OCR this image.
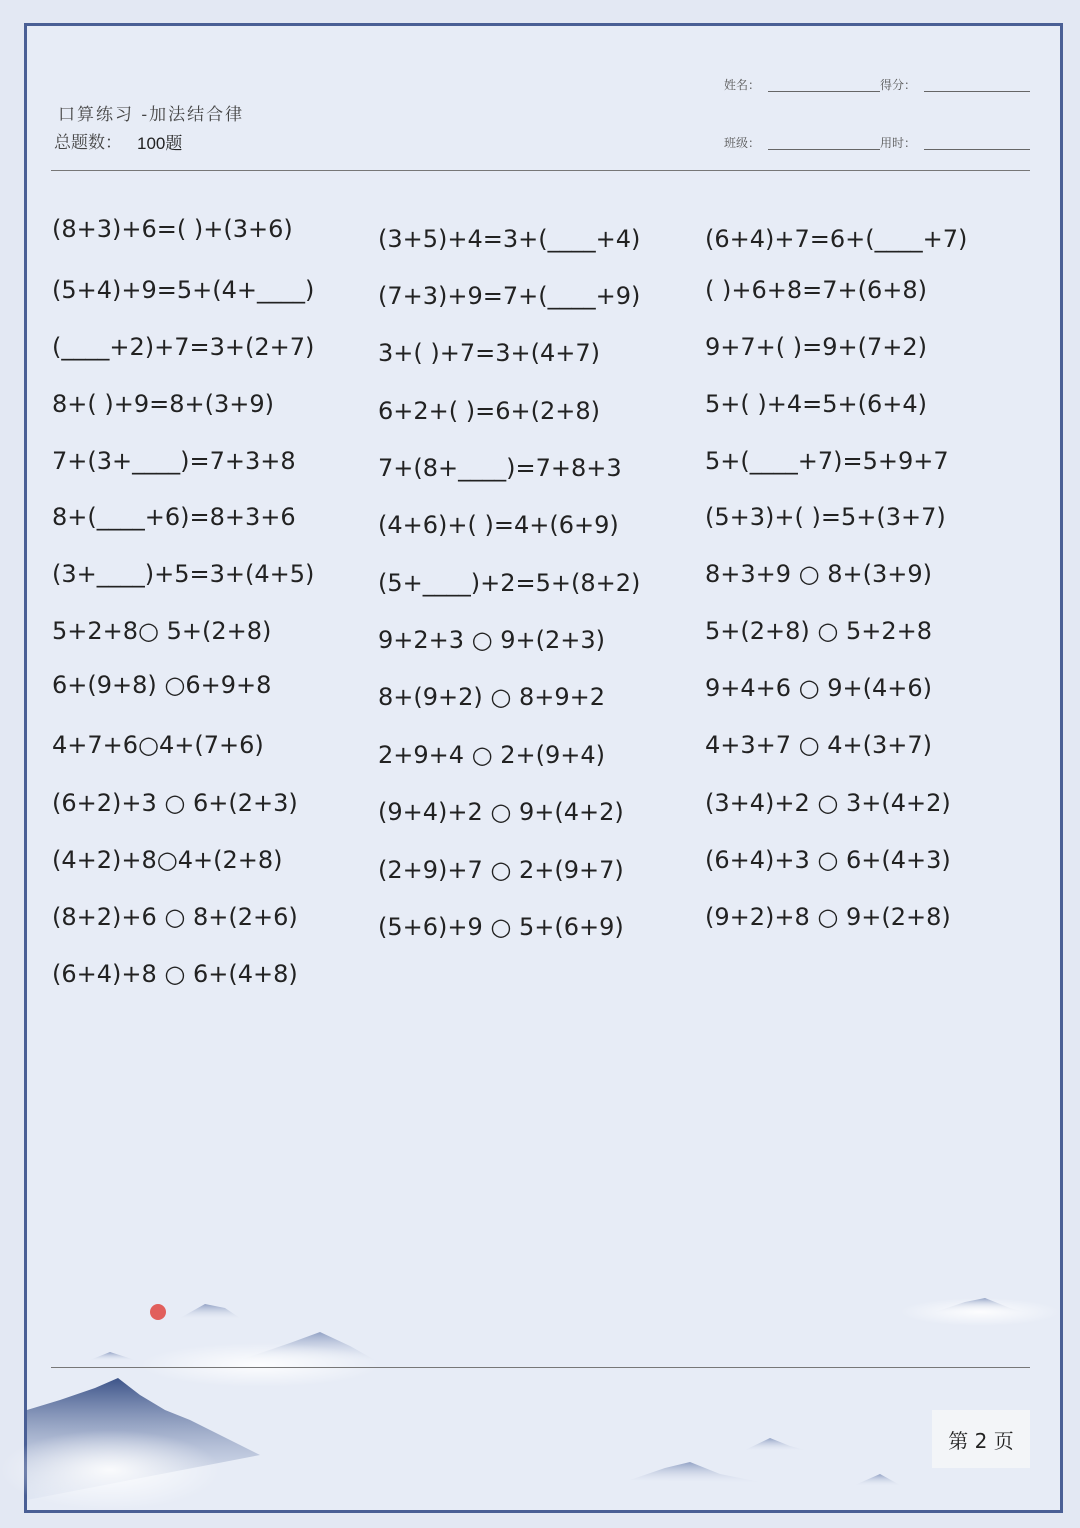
口算练习 -加法结合律
总题数： 100题
姓名：	得分：
班级：	用时：
(8+3)+6=( )+(3+6)
(5+4)+9=5+(4+____)
(____+2)+7=3+(2+7)
8+( )+9=8+(3+9)
7+(3+____)=7+3+8
8+(____+6)=8+3+6
(3+____)+5=3+(4+5)
5+2+8○ 5+(2+8)
6+(9+8) ○6+9+8
4+7+6○4+(7+6)
(6+2)+3 ○ 6+(2+3)
(4+2)+8○4+(2+8)
(8+2)+6 ○ 8+(2+6)
(6+4)+8 ○ 6+(4+8)
(3+5)+4=3+(____+4)
(7+3)+9=7+(____+9)
3+( )+7=3+(4+7)
6+2+( )=6+(2+8)
7+(8+____)=7+8+3
(4+6)+( )=4+(6+9)
(5+____)+2=5+(8+2)
9+2+3 ○ 9+(2+3)
8+(9+2) ○ 8+9+2
2+9+4 ○ 2+(9+4)
(9+4)+2 ○ 9+(4+2)
(2+9)+7 ○ 2+(9+7)
(5+6)+9 ○ 5+(6+9)
(6+4)+7=6+(____+7)
( )+6+8=7+(6+8)
9+7+( )=9+(7+2)
5+( )+4=5+(6+4)
5+(____+7)=5+9+7
(5+3)+( )=5+(3+7)
8+3+9 ○ 8+(3+9)
5+(2+8) ○ 5+2+8
9+4+6 ○ 9+(4+6)
4+3+7 ○ 4+(3+7)
(3+4)+2 ○ 3+(4+2)
(6+4)+3 ○ 6+(4+3)
(9+2)+8 ○ 9+(2+8)
第 2 页
